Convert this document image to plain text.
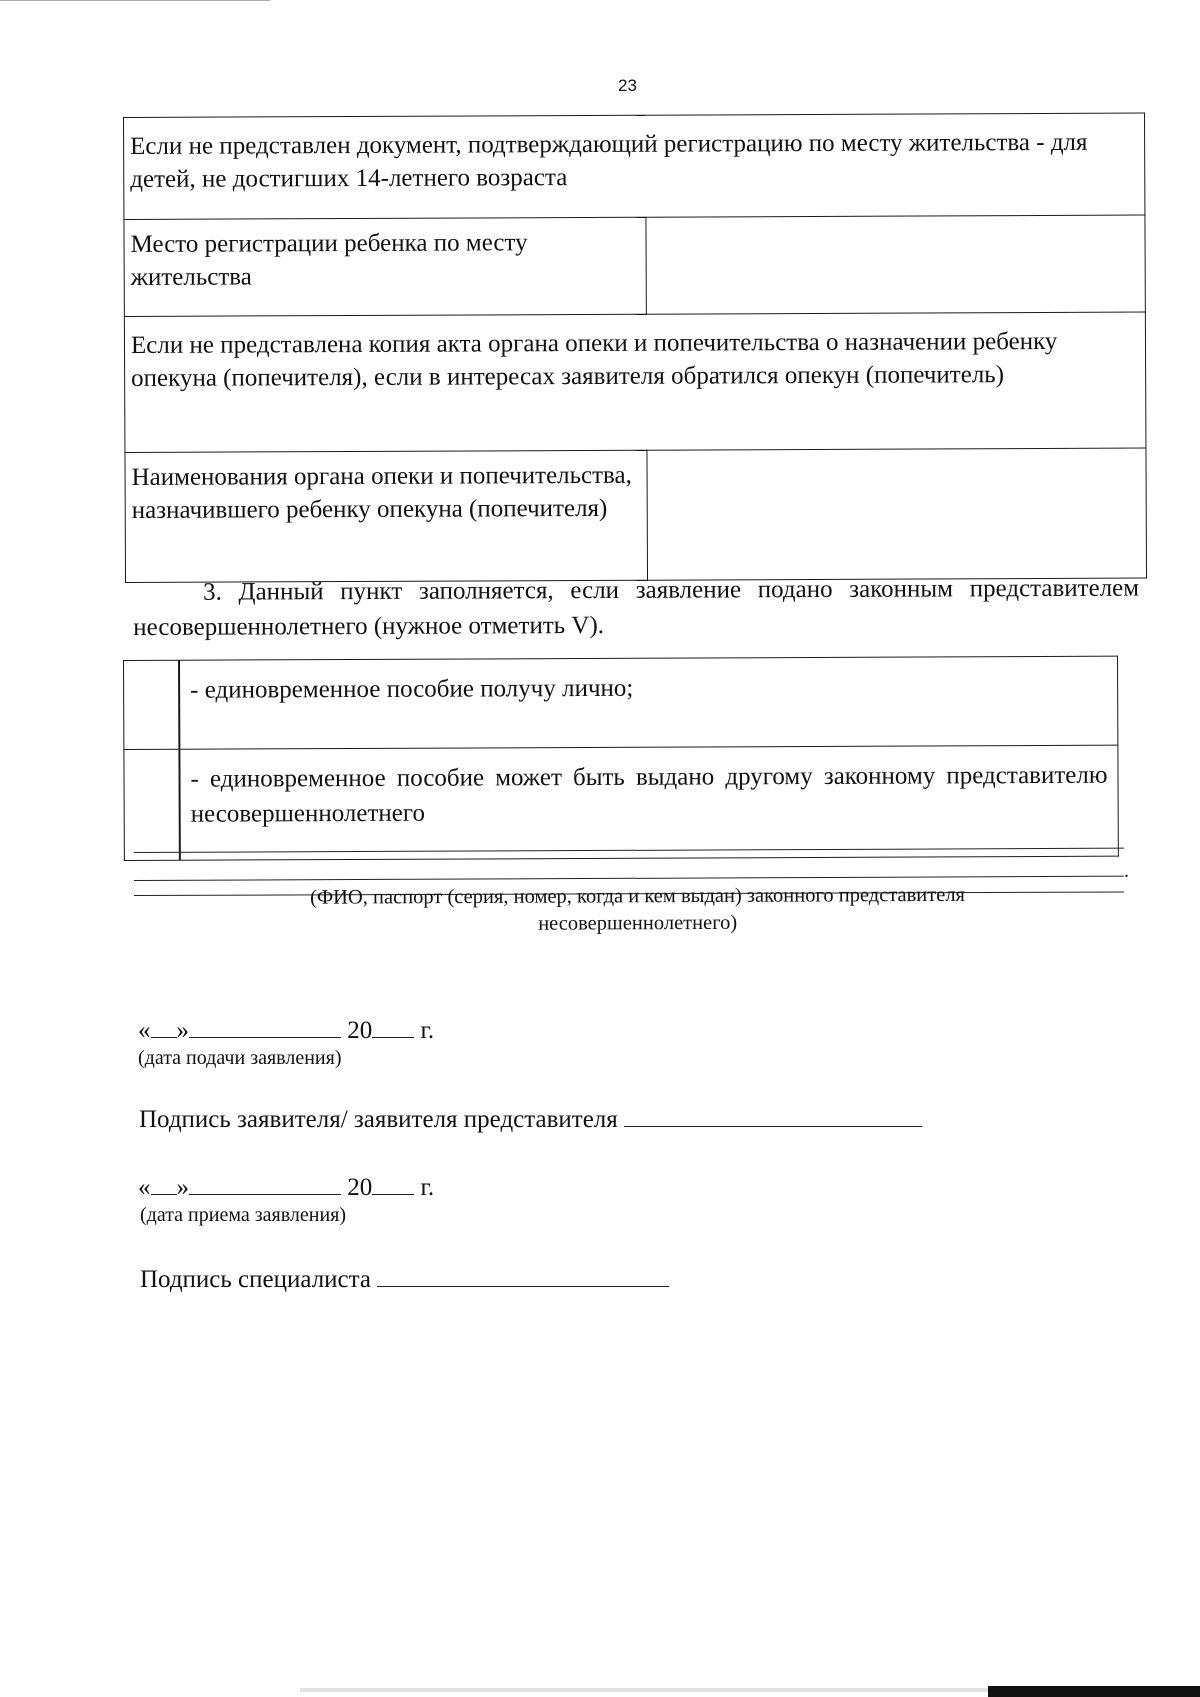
23
Если не представлен документ, подтверждающий регистрацию по месту жительства - для детей, не достигших 14-летнего возраста	
Место регистрации ребенка по месту жительства	
Если не представлена копия акта органа опеки и попечительства о назначении ребенку опекуна (попечителя), если в интересах заявителя обратился опекун (попечитель)	
Наименования органа опеки и попечительства, назначившего ребенку опекуна (попечителя)	
3. Данный пункт заполняется, если заявление подано законным представителем несовершеннолетнего (нужное отметить V).
	- единовременное пособие получу лично;
	- единовременное пособие может быть выдано другому законному представителю несовершеннолетнего
.
(ФИО, паспорт (серия, номер, когда и кем выдан) законного представителя несовершеннолетнего)
« »	20 г.
(дата подачи заявления)
Подпись заявителя/ заявителя представителя
« »	20 г.
(дата приема заявления)
Подпись специалиста
